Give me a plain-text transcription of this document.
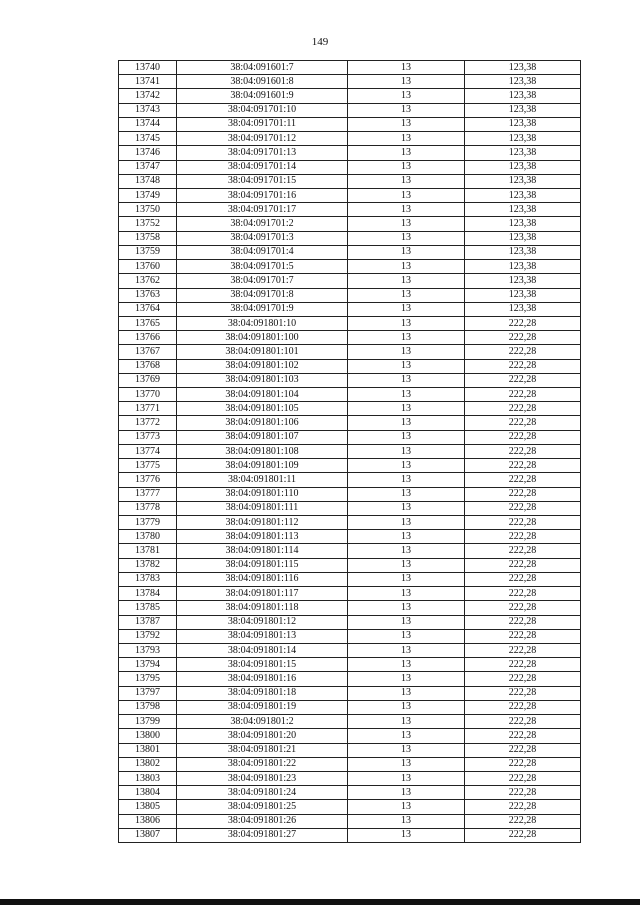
149
13740	38:04:091601:7	13	123,38
13741	38:04:091601:8	13	123,38
13742	38:04:091601:9	13	123,38
13743	38:04:091701:10	13	123,38
13744	38:04:091701:11	13	123,38
13745	38:04:091701:12	13	123,38
13746	38:04:091701:13	13	123,38
13747	38:04:091701:14	13	123,38
13748	38:04:091701:15	13	123,38
13749	38:04:091701:16	13	123,38
13750	38:04:091701:17	13	123,38
13752	38:04:091701:2	13	123,38
13758	38:04:091701:3	13	123,38
13759	38:04:091701:4	13	123,38
13760	38:04:091701:5	13	123,38
13762	38:04:091701:7	13	123,38
13763	38:04:091701:8	13	123,38
13764	38:04:091701:9	13	123,38
13765	38:04:091801:10	13	222,28
13766	38:04:091801:100	13	222,28
13767	38:04:091801:101	13	222,28
13768	38:04:091801:102	13	222,28
13769	38:04:091801:103	13	222,28
13770	38:04:091801:104	13	222,28
13771	38:04:091801:105	13	222,28
13772	38:04:091801:106	13	222,28
13773	38:04:091801:107	13	222,28
13774	38:04:091801:108	13	222,28
13775	38:04:091801:109	13	222,28
13776	38:04:091801:11	13	222,28
13777	38:04:091801:110	13	222,28
13778	38:04:091801:111	13	222,28
13779	38:04:091801:112	13	222,28
13780	38:04:091801:113	13	222,28
13781	38:04:091801:114	13	222,28
13782	38:04:091801:115	13	222,28
13783	38:04:091801:116	13	222,28
13784	38:04:091801:117	13	222,28
13785	38:04:091801:118	13	222,28
13787	38:04:091801:12	13	222,28
13792	38:04:091801:13	13	222,28
13793	38:04:091801:14	13	222,28
13794	38:04:091801:15	13	222,28
13795	38:04:091801:16	13	222,28
13797	38:04:091801:18	13	222,28
13798	38:04:091801:19	13	222,28
13799	38:04:091801:2	13	222,28
13800	38:04:091801:20	13	222,28
13801	38:04:091801:21	13	222,28
13802	38:04:091801:22	13	222,28
13803	38:04:091801:23	13	222,28
13804	38:04:091801:24	13	222,28
13805	38:04:091801:25	13	222,28
13806	38:04:091801:26	13	222,28
13807	38:04:091801:27	13	222,28
